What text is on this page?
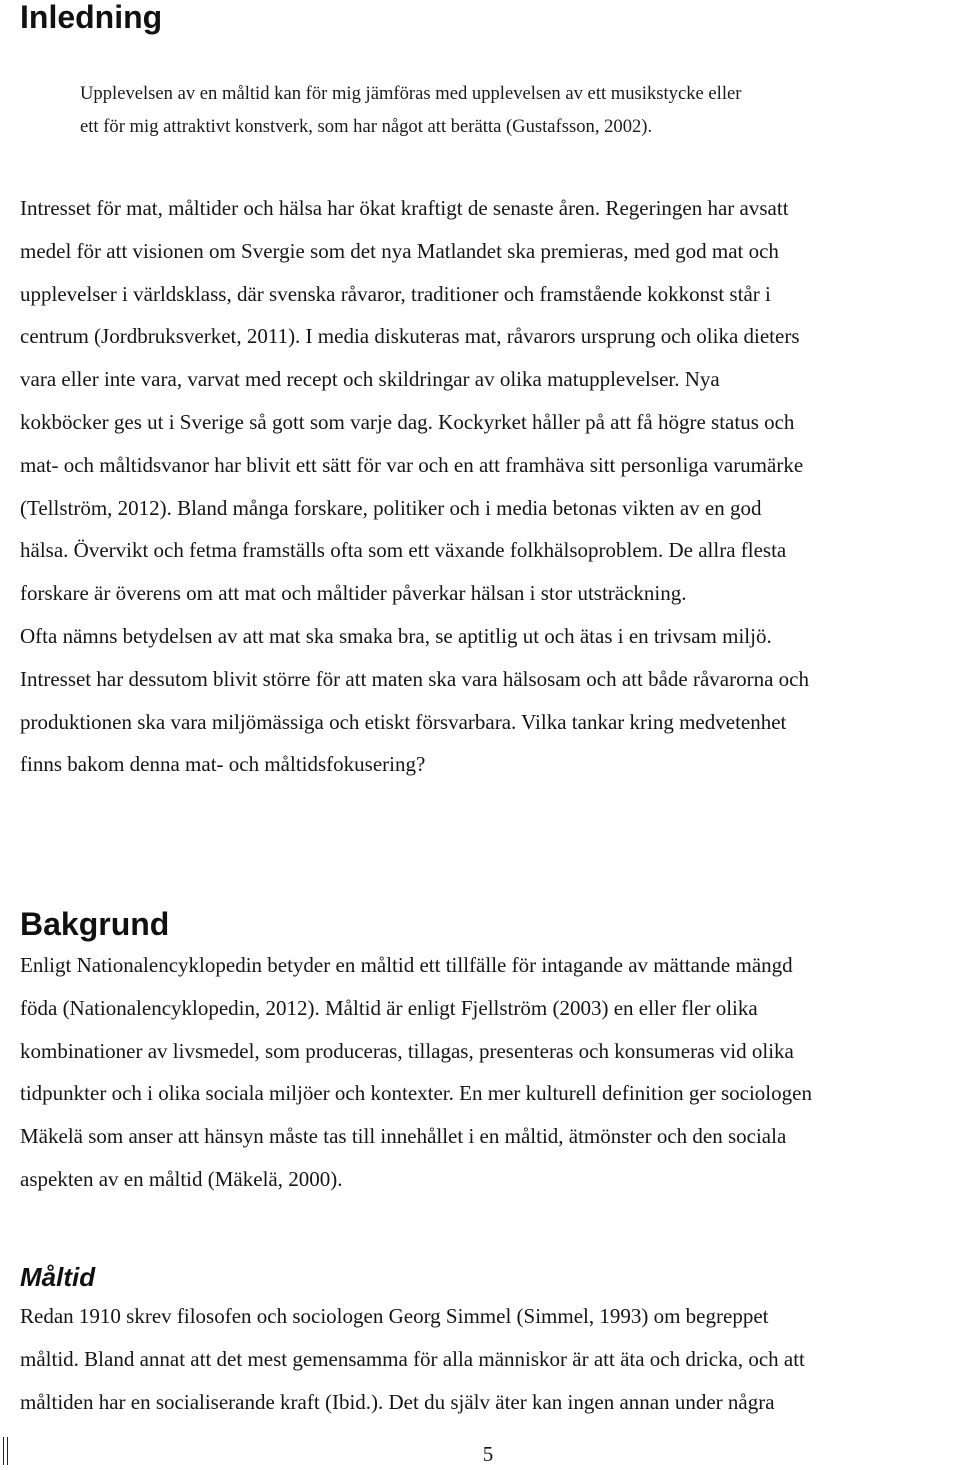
Inledning

Upplevelsen av en måltid kan för mig jämföras med upplevelsen av ett musikstycke eller
ett för mig attraktivt konstverk, som har något att berätta (Gustafsson, 2002).

Intresset för mat, måltider och hälsa har ökat kraftigt de senaste åren. Regeringen har avsatt
medel för att visionen om Svergie som det nya Matlandet ska premieras, med god mat och
upplevelser i världsklass, där svenska råvaror, traditioner och framstående kokkonst står i
centrum (Jordbruksverket, 2011). I media diskuteras mat, råvarors ursprung och olika dieters
vara eller inte vara, varvat med recept och skildringar av olika matupplevelser. Nya
kokböcker ges ut i Sverige så gott som varje dag. Kockyrket håller på att få högre status och
mat- och måltidsvanor har blivit ett sätt för var och en att framhäva sitt personliga varumärke
(Tellström, 2012). Bland många forskare, politiker och i media betonas vikten av en god
hälsa. Övervikt och fetma framställs ofta som ett växande folkhälsoproblem. De allra flesta
forskare är överens om att mat och måltider påverkar hälsan i stor utsträckning.
Ofta nämns betydelsen av att mat ska smaka bra, se aptitlig ut och ätas i en trivsam miljö.
Intresset har dessutom blivit större för att maten ska vara hälsosam och att både råvarorna och
produktionen ska vara miljömässiga och etiskt försvarbara. Vilka tankar kring medvetenhet
finns bakom denna mat- och måltidsfokusering?

Bakgrund

Enligt Nationalencyklopedin betyder en måltid ett tillfälle för intagande av mättande mängd
föda (Nationalencyklopedin, 2012). Måltid är enligt Fjellström (2003) en eller fler olika
kombinationer av livsmedel, som produceras, tillagas, presenteras och konsumeras vid olika
tidpunkter och i olika sociala miljöer och kontexter. En mer kulturell definition ger sociologen
Mäkelä som anser att hänsyn måste tas till innehållet i en måltid, ätmönster och den sociala
aspekten av en måltid (Mäkelä, 2000).

Måltid

Redan 1910 skrev filosofen och sociologen Georg Simmel (Simmel, 1993) om begreppet
måltid. Bland annat att det mest gemensamma för alla människor är att äta och dricka, och att
måltiden har en socialiserande kraft (Ibid.). Det du själv äter kan ingen annan under några

5
